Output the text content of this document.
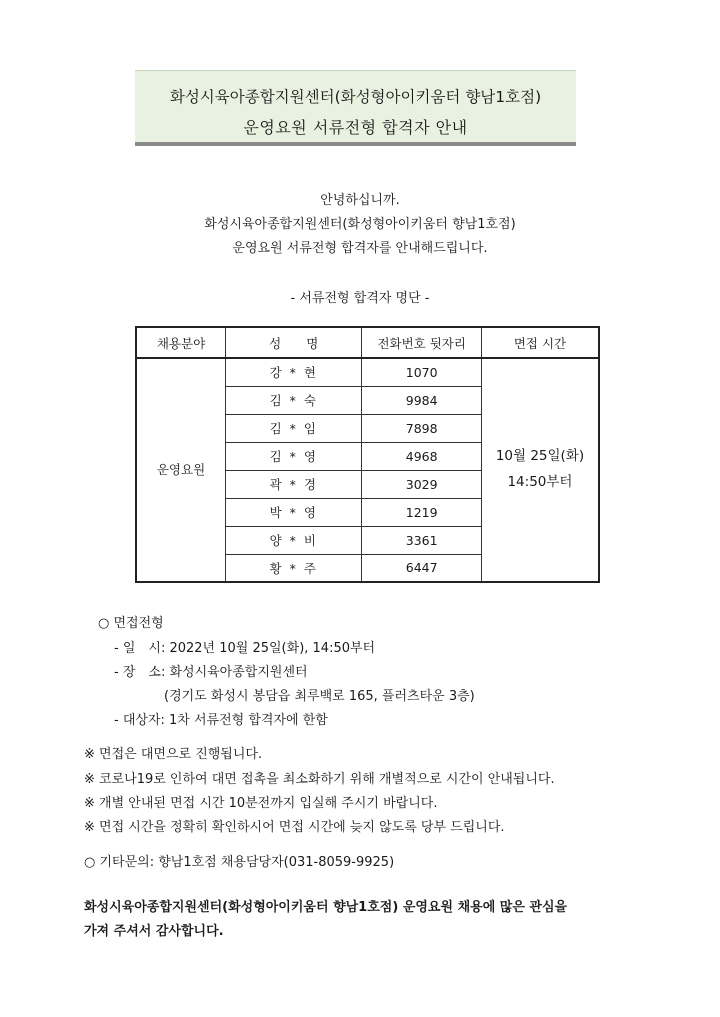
화성시육아종합지원센터(화성형아이키움터 향남1호점)
운영요원 서류전형 합격자 안내
안녕하십니까.
화성시육아종합지원센터(화성형아이키움터 향남1호점)
운영요원 서류전형 합격자를 안내해드립니다.
- 서류전형 합격자 명단 -
채용분야	성　　명	전화번호 뒷자리	면접 시간
운영요원	강 * 현	1070	10월 25일(화)
14:50부터

	김 * 숙	9984	
	김 * 임	7898	
	김 * 영	4968	
	곽 * 경	3029	
	박 * 영	1219	
	양 * 비	3361	
	황 * 주	6447	
○ 면접전형
- 일　시: 2022년 10월 25일(화), 14:50부터
- 장　소: 화성시육아종합지원센터
(경기도 화성시 봉담읍 최루백로 165, 플러츠타운 3층)
- 대상자: 1차 서류전형 합격자에 한함
※ 면접은 대면으로 진행됩니다.
※ 코로나19로 인하여 대면 접촉을 최소화하기 위해 개별적으로 시간이 안내됩니다.
※ 개별 안내된 면접 시간 10분전까지 입실해 주시기 바랍니다.
※ 면접 시간을 정확히 확인하시어 면접 시간에 늦지 않도록 당부 드립니다.
○ 기타문의: 향남1호점 채용담당자(031-8059-9925)
화성시육아종합지원센터(화성형아이키움터 향남1호점) 운영요원 채용에 많은 관심을
가져 주셔서 감사합니다.
